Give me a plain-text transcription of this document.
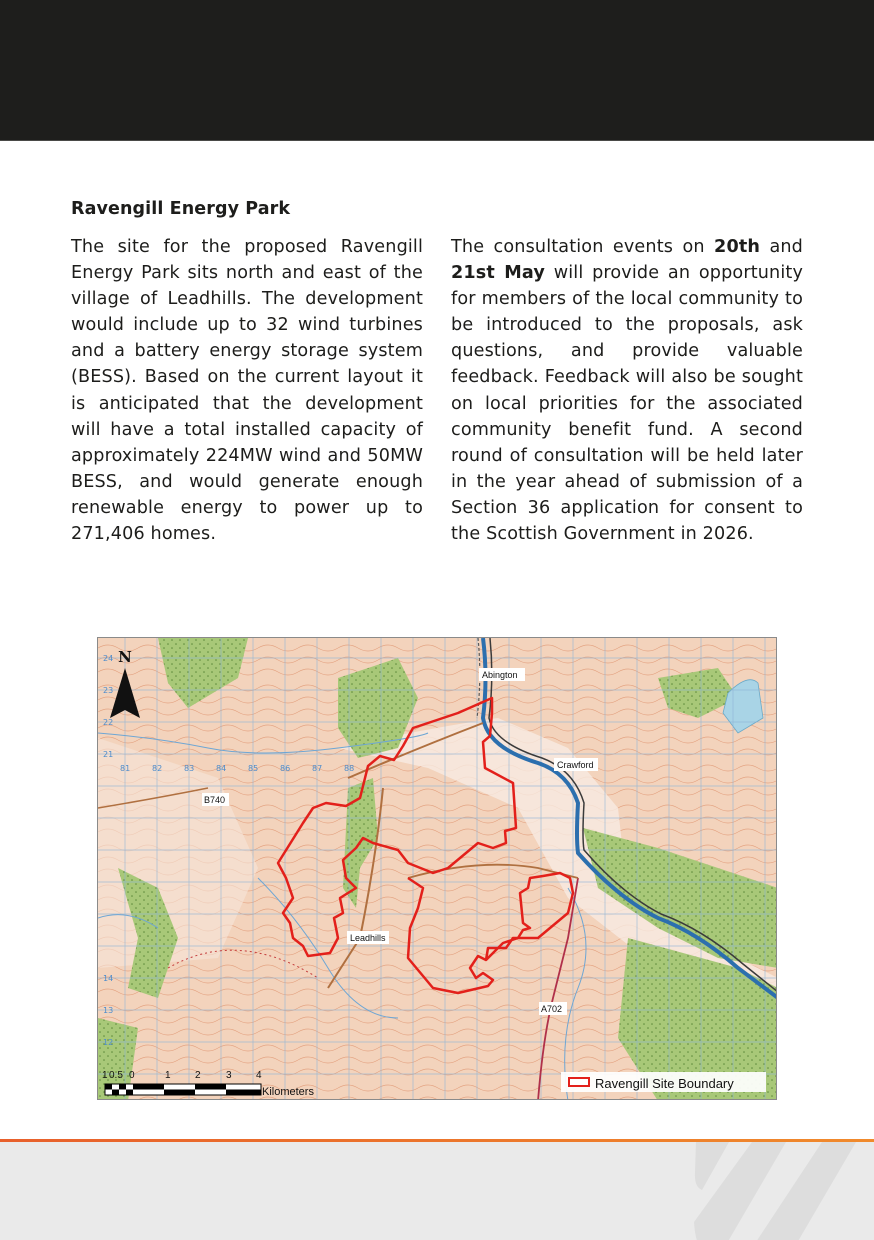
Ravengill Energy Park

The site for the proposed Ravengill Energy Park sits north and east of the village of Leadhills. The development would include up to 32 wind turbines and a battery energy storage system (BESS). Based on the current layout it is anticipated that the development will have a total installed capacity of approximately 224MW wind and 50MW BESS, and would generate enough renewable energy to power up to 271,406 homes.

The consultation events on 20th and 21st May will provide an opportunity for members of the local community to be introduced to the proposals, ask questions, and provide valuable feedback. Feedback will also be sought on local priorities for the associated community benefit fund. A second round of consultation will be held later in the year ahead of submission of a Section 36 application for consent to the Scottish Government in 2026.

24
23
22
21
14
13
12
81	82	83	84	85	86	87	88
N
Abington
Crawford
Leadhills
B740
A702
1 0.5 0	1 2	3 4
Kilometers
Ravengill Site Boundary
